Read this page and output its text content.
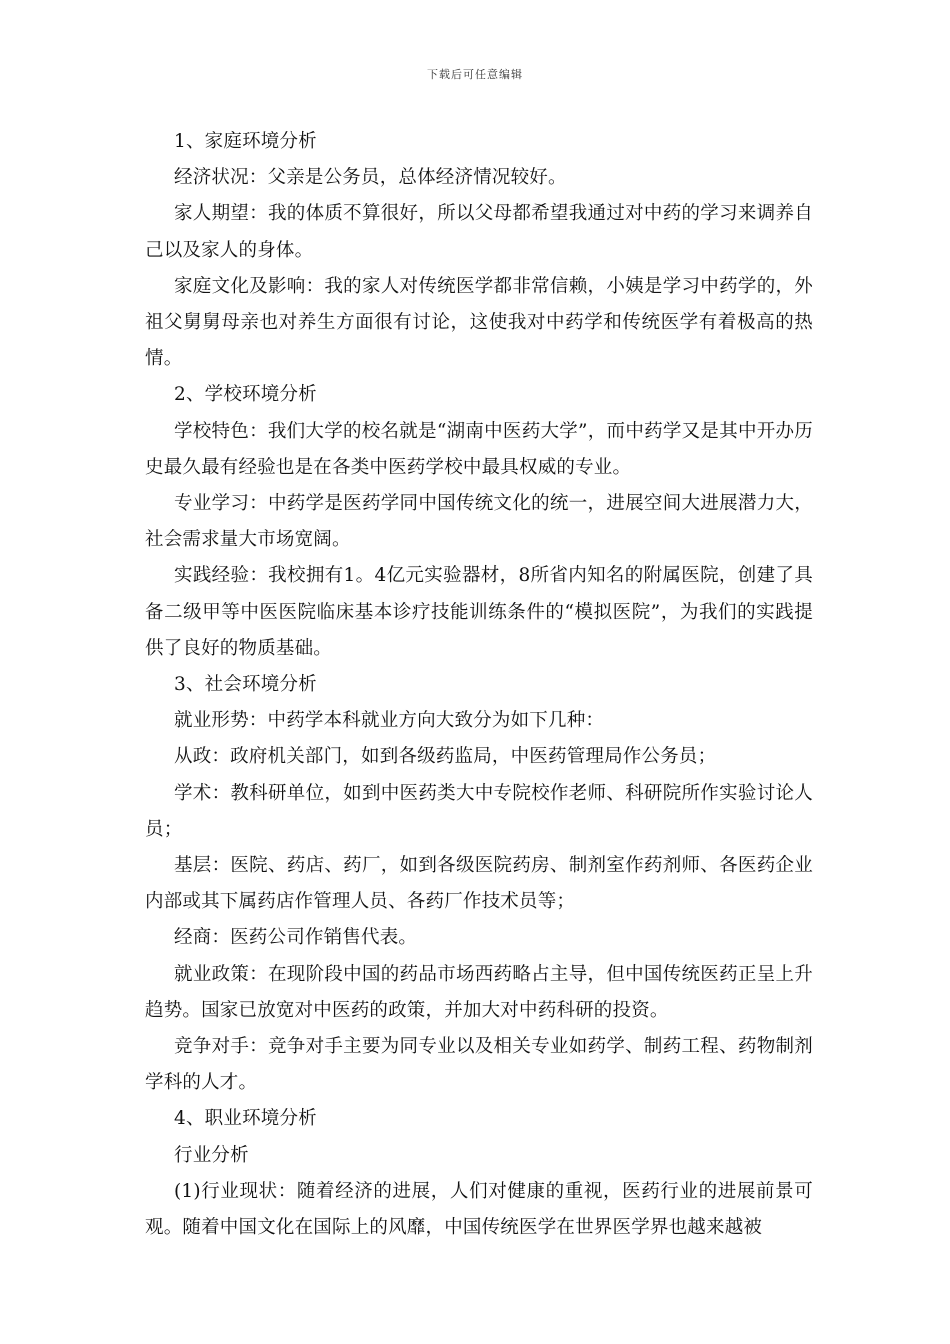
下载后可任意编辑

1、家庭环境分析

经济状况：父亲是公务员，总体经济情况较好。

家人期望：我的体质不算很好，所以父母都希望我通过对中药的学习来调养自己以及家人的身体。

家庭文化及影响：我的家人对传统医学都非常信赖，小姨是学习中药学的，外祖父舅舅母亲也对养生方面很有讨论，这使我对中药学和传统医学有着极高的热情。

2、学校环境分析

学校特色：我们大学的校名就是“湖南中医药大学”，而中药学又是其中开办历史最久最有经验也是在各类中医药学校中最具权威的专业。

专业学习：中药学是医药学同中国传统文化的统一，进展空间大进展潜力大，社会需求量大市场宽阔。

实践经验：我校拥有1。4亿元实验器材，8所省内知名的附属医院，创建了具备二级甲等中医医院临床基本诊疗技能训练条件的“模拟医院”，为我们的实践提供了良好的物质基础。

3、社会环境分析

就业形势：中药学本科就业方向大致分为如下几种：

从政：政府机关部门，如到各级药监局，中医药管理局作公务员；

学术：教科研单位，如到中医药类大中专院校作老师、科研院所作实验讨论人员；

基层：医院、药店、药厂，如到各级医院药房、制剂室作药剂师、各医药企业内部或其下属药店作管理人员、各药厂作技术员等；

经商：医药公司作销售代表。

就业政策：在现阶段中国的药品市场西药略占主导，但中国传统医药正呈上升趋势。国家已放宽对中医药的政策，并加大对中药科研的投资。

竞争对手：竞争对手主要为同专业以及相关专业如药学、制药工程、药物制剂学科的人才。

4、职业环境分析

行业分析

(1)行业现状：随着经济的进展，人们对健康的重视，医药行业的进展前景可观。随着中国文化在国际上的风靡，中国传统医学在世界医学界也越来越被
